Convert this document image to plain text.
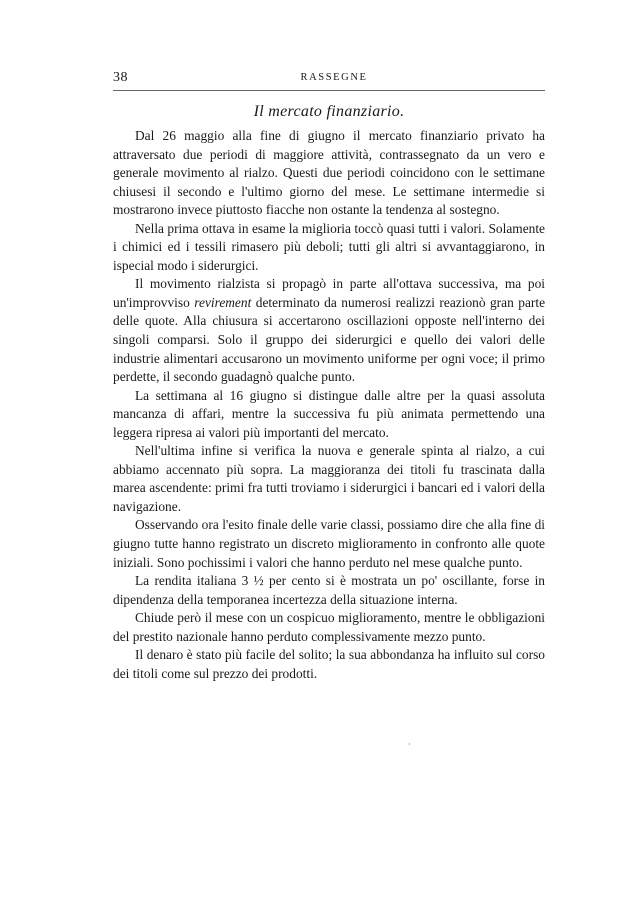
38	RASSEGNE
Il mercato finanziario.

Dal 26 maggio alla fine di giugno il mercato finanziario privato ha attraversato due periodi di maggiore attività, contrassegnato da un vero e generale movimento al rialzo. Questi due periodi coincidono con le settimane chiusesi il secondo e l'ultimo giorno del mese. Le settimane intermedie si mostrarono invece piuttosto fiacche non ostante la tendenza al sostegno.

Nella prima ottava in esame la miglioria toccò quasi tutti i valori. Solamente i chimici ed i tessili rimasero più deboli; tutti gli altri si avvantaggiarono, in ispecial modo i siderurgici.

Il movimento rialzista si propagò in parte all'ottava successiva, ma poi un'improvviso revirement determinato da numerosi realizzi reazionò gran parte delle quote. Alla chiusura si accertarono oscillazioni opposte nell'interno dei singoli comparsi. Solo il gruppo dei siderurgici e quello dei valori delle industrie alimentari accusarono un movimento uniforme per ogni voce; il primo perdette, il secondo guadagnò qualche punto.

La settimana al 16 giugno si distingue dalle altre per la quasi assoluta mancanza di affari, mentre la successiva fu più animata permettendo una leggera ripresa ai valori più importanti del mercato.

Nell'ultima infine si verifica la nuova e generale spinta al rialzo, a cui abbiamo accennato più sopra. La maggioranza dei titoli fu trascinata dalla marea ascendente: primi fra tutti troviamo i siderurgici i bancari ed i valori della navigazione.

Osservando ora l'esito finale delle varie classi, possiamo dire che alla fine di giugno tutte hanno registrato un discreto miglioramento in confronto alle quote iniziali. Sono pochissimi i valori che hanno perduto nel mese qualche punto.

La rendita italiana 3 ½ per cento si è mostrata un po' oscillante, forse in dipendenza della temporanea incertezza della situazione interna.

Chiude però il mese con un cospicuo miglioramento, mentre le obbligazioni del prestito nazionale hanno perduto complessivamente mezzo punto.

Il denaro è stato più facile del solito; la sua abbondanza ha influito sul corso dei titoli come sul prezzo dei prodotti.

·
